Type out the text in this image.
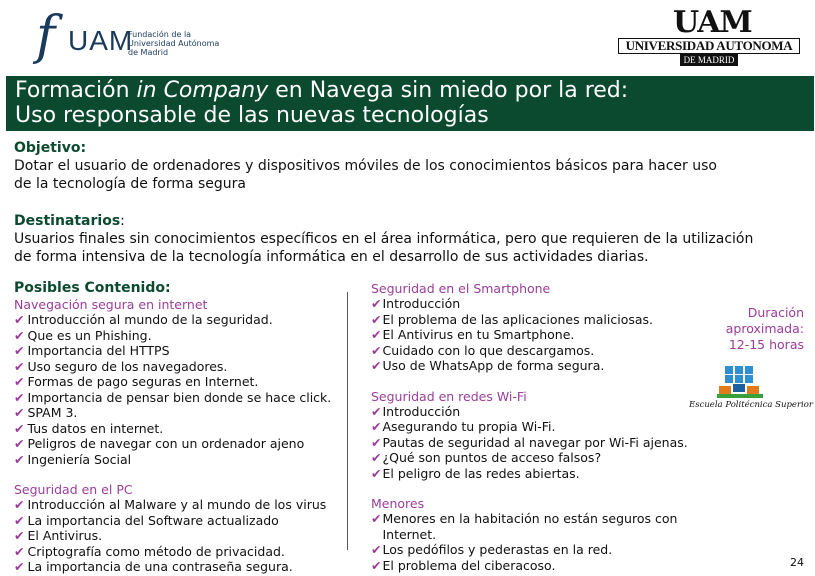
f UAM
Fundación de la
Universidad Autónoma
de Madrid
UAM
UNIVERSIDAD AUTONOMA
DE MADRID
Formación in Company en Navega sin miedo por la red:
Uso responsable de las nuevas tecnologías
Objetivo:
Dotar el usuario de ordenadores y dispositivos móviles de los conocimientos básicos para hacer uso
de la tecnología de forma segura
Destinatarios:
Usuarios finales sin conocimientos específicos en el área informática, pero que requieren de la utilización
de forma intensiva de la tecnología informática en el desarrollo de sus actividades diarias.
Posibles Contenido:
Navegación segura en internet
✔ Introducción al mundo de la seguridad.
✔ Que es un Phishing.
✔ Importancia del HTTPS
✔ Uso seguro de los navegadores.
✔ Formas de pago seguras en Internet.
✔ Importancia de pensar bien donde se hace click.
✔ SPAM 3.
✔ Tus datos en internet.
✔ Peligros de navegar con un ordenador ajeno
✔ Ingeniería Social
Seguridad en el PC
✔ Introducción al Malware y al mundo de los virus
✔ La importancia del Software actualizado
✔ El Antivirus.
✔ Criptografía como método de privacidad.
✔ La importancia de una contraseña segura.
Seguridad en el Smartphone
✔Introducción
✔El problema de las aplicaciones maliciosas.
✔El Antivirus en tu Smartphone.
✔Cuidado con lo que descargamos.
✔Uso de WhatsApp de forma segura.
Seguridad en redes Wi-Fi
✔Introducción
✔Asegurando tu propia Wi-Fi.
✔Pautas de seguridad al navegar por Wi-Fi ajenas.
✔¿Qué son puntos de acceso falsos?
✔El peligro de las redes abiertas.
Menores
✔Menores en la habitación no están seguros con
Internet.
✔Los pedófilos y pederastas en la red.
✔El problema del ciberacoso.
Duración
aproximada:
12-15 horas
Escuela Politécnica Superior
24
